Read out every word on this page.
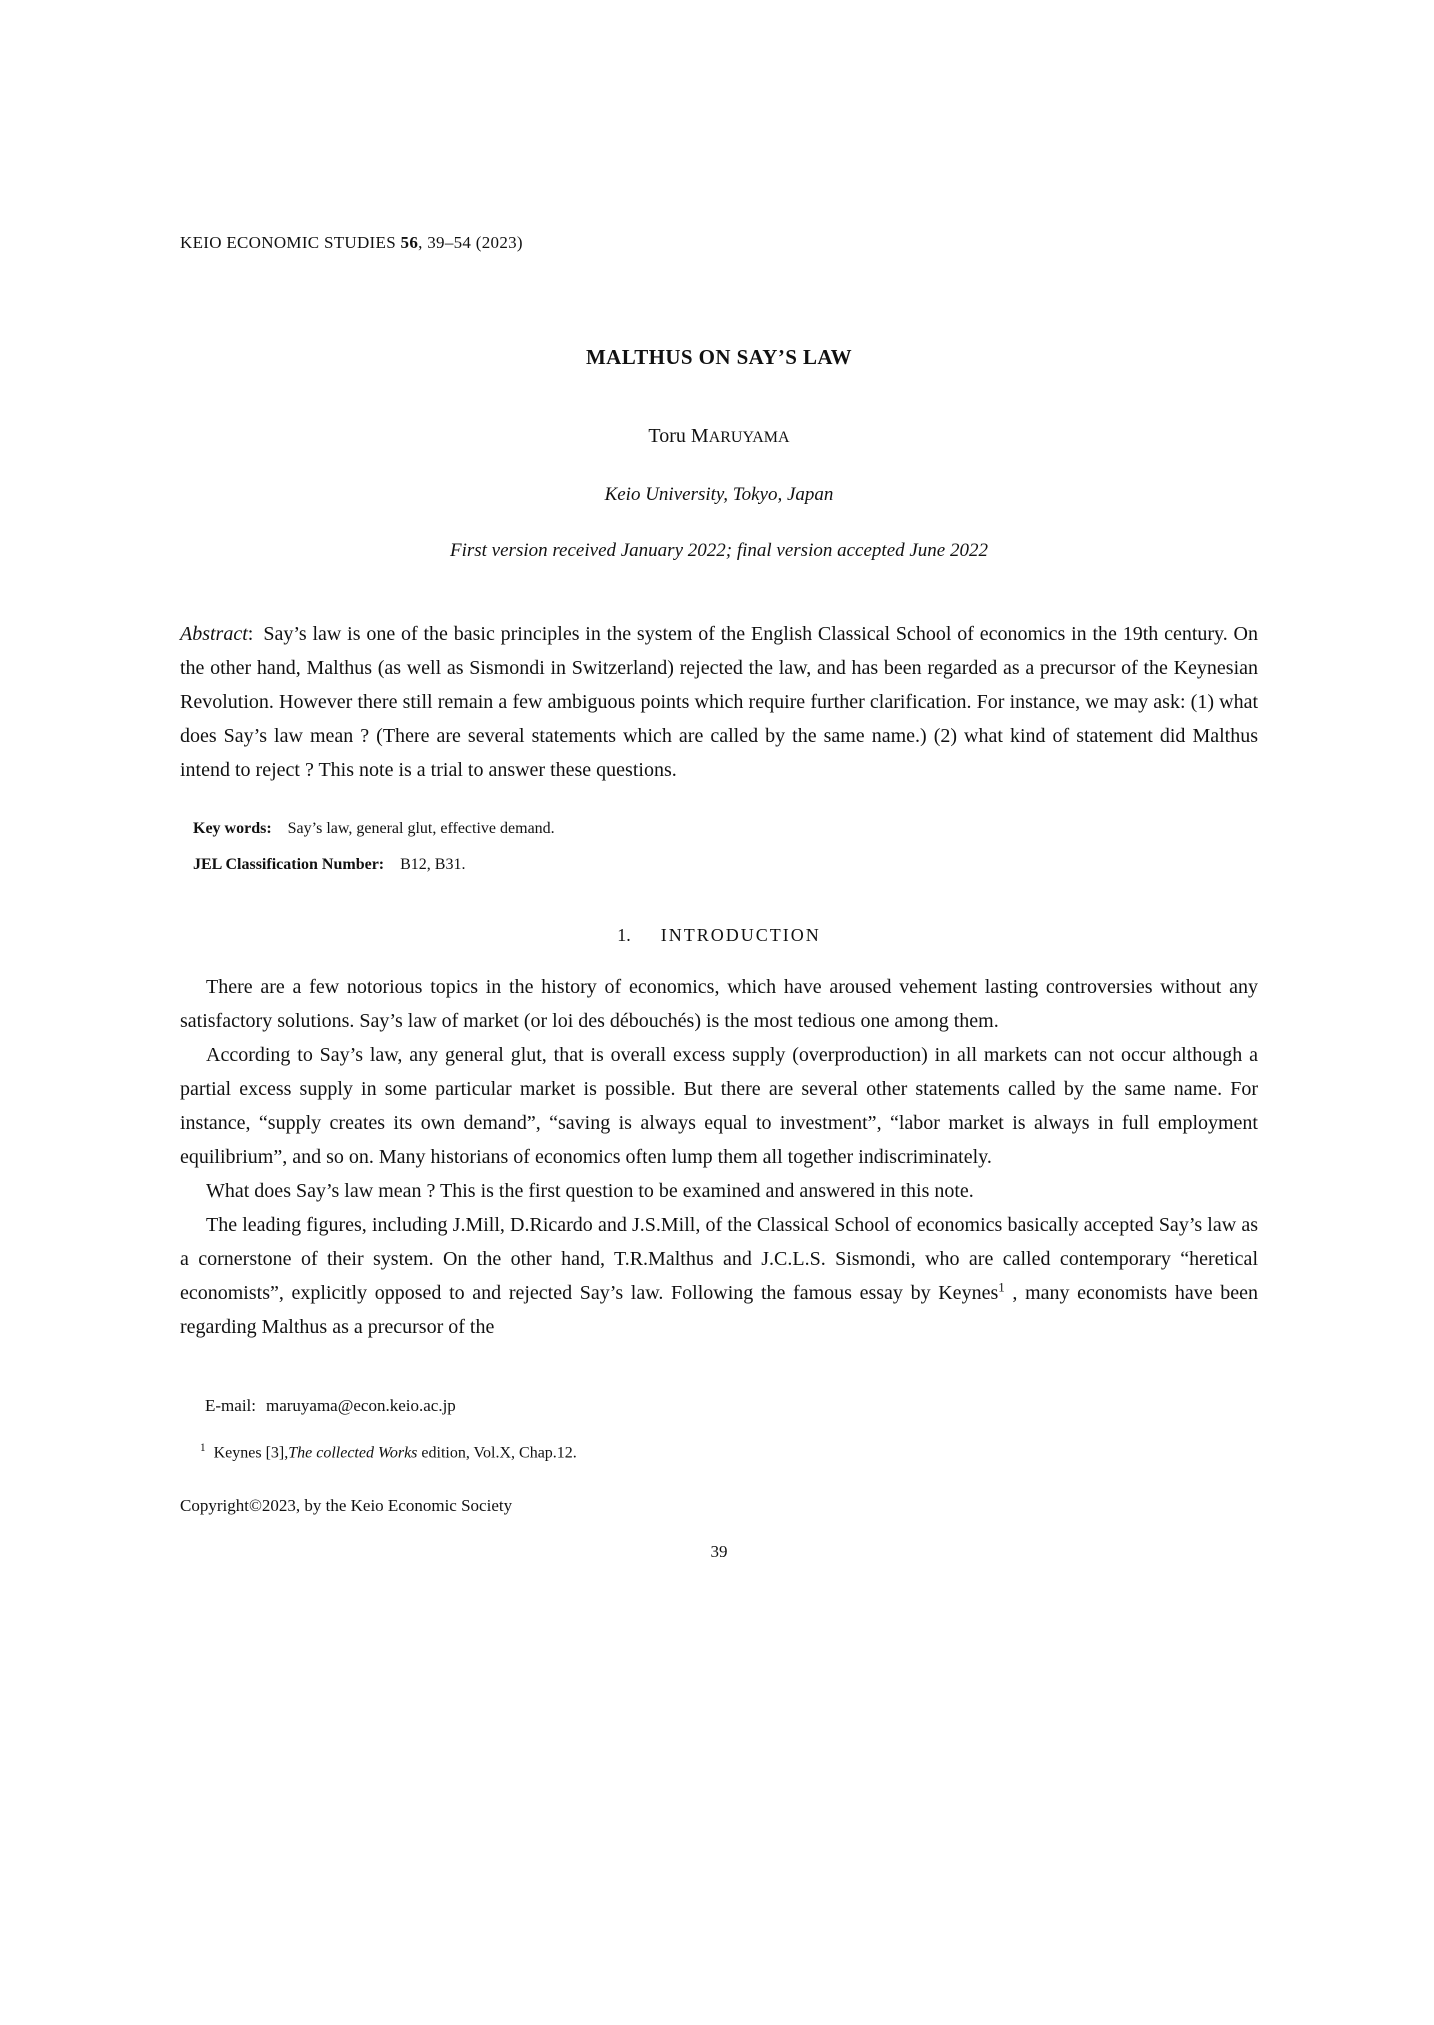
KEIO ECONOMIC STUDIES 56, 39–54 (2023)
MALTHUS ON SAY’S LAW
Toru MARUYAMA
Keio University, Tokyo, Japan
First version received January 2022; final version accepted June 2022

Abstract: Say’s law is one of the basic principles in the system of the English Classical School of economics in the 19th century. On the other hand, Malthus (as well as Sismondi in Switzerland) rejected the law, and has been regarded as a precursor of the Keynesian Revolution. However there still remain a few ambiguous points which require further clarification. For instance, we may ask: (1) what does Say’s law mean ? (There are several statements which are called by the same name.) (2) what kind of statement did Malthus intend to reject ? This note is a trial to answer these questions.

Key words: Say’s law, general glut, effective demand.

JEL Classification Number: B12, B31.

1. INTRODUCTION

There are a few notorious topics in the history of economics, which have aroused vehement lasting controversies without any satisfactory solutions. Say’s law of market (or loi des débouchés) is the most tedious one among them.

According to Say’s law, any general glut, that is overall excess supply (overproduction) in all markets can not occur although a partial excess supply in some particular market is possible. But there are several other statements called by the same name. For instance, “supply creates its own demand”, “saving is always equal to investment”, “labor market is always in full employment equilibrium”, and so on. Many historians of economics often lump them all together indiscriminately.

What does Say’s law mean ? This is the first question to be examined and answered in this note.

The leading figures, including J.Mill, D.Ricardo and J.S.Mill, of the Classical School of economics basically accepted Say’s law as a cornerstone of their system. On the other hand, T.R.Malthus and J.C.L.S. Sismondi, who are called contemporary “heretical economists”, explicitly opposed to and rejected Say’s law. Following the famous essay by Keynes$^1$ , many economists have been regarding Malthus as a precursor of the

E-mail: maruyama@econ.keio.ac.jp

$^1$ Keynes [3],The collected Works edition, Vol.X, Chap.12.

Copyright©2023, by the Keio Economic Society

39
